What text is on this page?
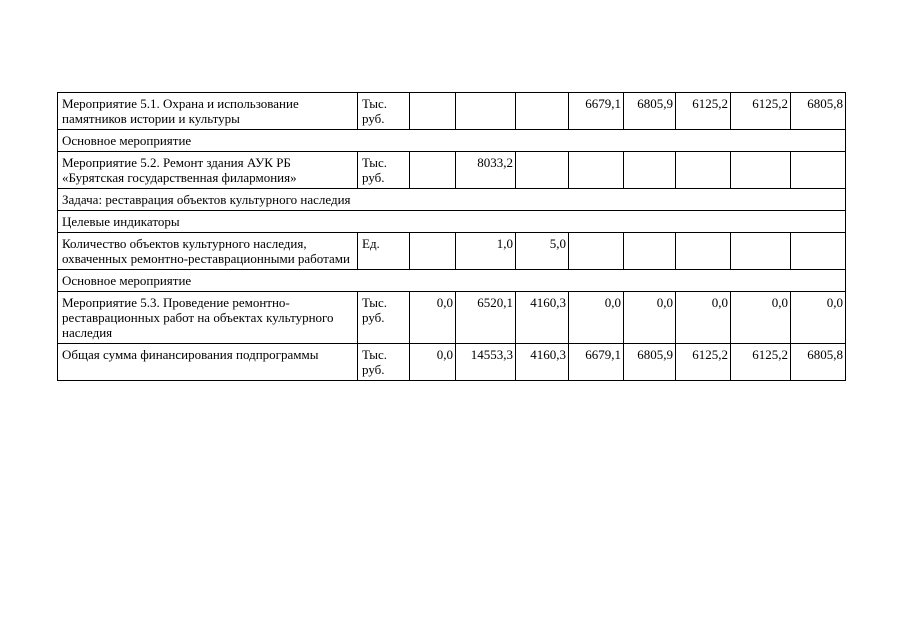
Мероприятие 5.1. Охрана и использование памятников истории и культуры	Тыс. руб.				6679,1	6805,9	6125,2	6125,2	6805,8
Основное мероприятие									
Мероприятие 5.2. Ремонт здания АУК РБ «Бурятская государственная филармония»	Тыс. руб.		8033,2						
Задача: реставрация объектов культурного наследия									
Целевые индикаторы									
Количество объектов культурного наследия, охваченных ремонтно-реставрационными работами	Ед.		1,0	5,0					
Основное мероприятие									
Мероприятие 5.3. Проведение ремонтно-реставрационных работ на объектах культурного наследия	Тыс. руб.	0,0	6520,1	4160,3	0,0	0,0	0,0	0,0	0,0
Общая сумма финансирования подпрограммы	Тыс. руб.	0,0	14553,3	4160,3	6679,1	6805,9	6125,2	6125,2	6805,8
